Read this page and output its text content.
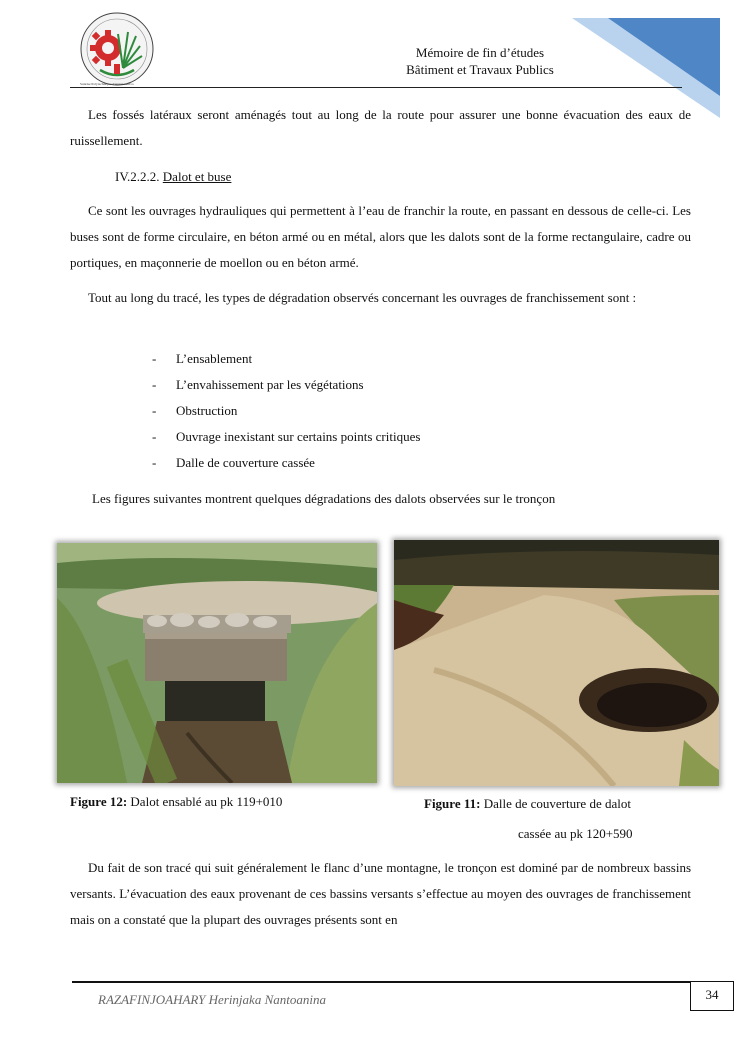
Sunrise Polytechnique d'Antananarivo
Mémoire de fin d’études
Bâtiment et Travaux Publics
Les fossés latéraux seront aménagés tout au long de la route pour assurer une bonne évacuation des eaux de ruissellement.
IV.2.2.2. Dalot et buse
Ce sont les ouvrages hydrauliques qui permettent à l’eau de franchir la route, en passant en dessous de celle-ci. Les buses sont de forme circulaire, en béton armé ou en métal, alors que les dalots sont de la forme rectangulaire, cadre ou portiques, en maçonnerie de moellon ou en béton armé.
Tout au long du tracé, les types de dégradation observés concernant les ouvrages de franchissement sont :
- L’ensablement
- L’envahissement par les végétations
- Obstruction
- Ouvrage inexistant sur certains points critiques
- Dalle de couverture cassée
Les figures suivantes montrent quelques dégradations des dalots observées sur le tronçon
Figure 12: Dalot ensablé au pk 119+010	Figure 11: Dalle de couverture de dalot
cassée au pk 120+590
Du fait de son tracé qui suit généralement le flanc d’une montagne, le tronçon est dominé par de nombreux bassins versants. L’évacuation des eaux provenant de ces bassins versants s’effectue au moyen des ouvrages de franchissement mais on a constaté que la plupart des ouvrages présents sont en
RAZAFINJOAHARY Herinjaka Nantoanina	34
